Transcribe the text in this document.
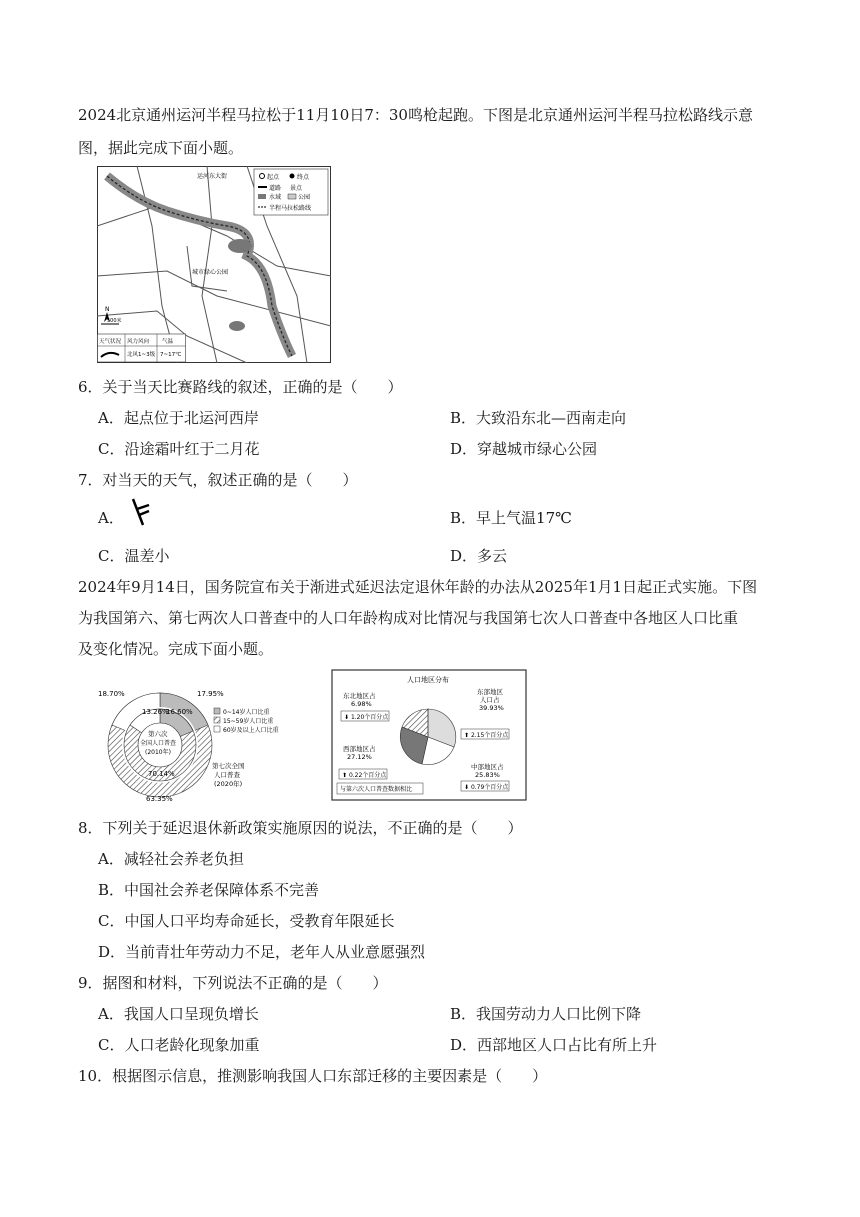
2024北京通州运河半程马拉松于11月10日7：30鸣枪起跑。下图是北京通州运河半程马拉松路线示意
图，据此完成下面小题。
起点	终点
道路 景点
水域	公园
半程马拉松路线
运河东大街
城市绿心公园
N
500米
天气状况 风力风向 气温
北风1~3级 7~17℃
6．关于当天比赛路线的叙述，正确的是（　　）
A．起点位于北运河西岸	B．大致沿东北—西南走向
C．沿途霜叶红于二月花	D．穿越城市绿心公园
7．对当天的天气，叙述正确的是（　　）
A．	B．早上气温17℃
C．温差小	D．多云
2024年9月14日，国务院宣布关于渐进式延迟法定退休年龄的办法从2025年1月1日起正式实施。下图
为我国第六、第七两次人口普查中的人口年龄构成对比情况与我国第七次人口普查中各地区人口比重
及变化情况。完成下面小题。
第六次
全国人口普查
(2010年)
18.70%	17.95%
13.26%
16.60%
70.14%
63.35%
0~14岁人口比重
15~59岁人口比重
60岁及以上人口比重
第七次全国
人口普查
(2020年)
人口地区分布
东北地区占
6.98%
⬇ 1.20个百分点
东部地区
人口占
39.93%
⬆ 2.15个百分点
西部地区占
27.12%
⬆ 0.22个百分点
中部地区占
25.83%
⬇ 0.79个百分点
与第六次人口普查数据相比
8．下列关于延迟退休新政策实施原因的说法，不正确的是（　　）
A．减轻社会养老负担
B．中国社会养老保障体系不完善
C．中国人口平均寿命延长，受教育年限延长
D．当前青壮年劳动力不足，老年人从业意愿强烈
9．据图和材料，下列说法不正确的是（　　）
A．我国人口呈现负增长	B．我国劳动力人口比例下降
C．人口老龄化现象加重	D．西部地区人口占比有所上升
10．根据图示信息，推测影响我国人口东部迁移的主要因素是（　　）
